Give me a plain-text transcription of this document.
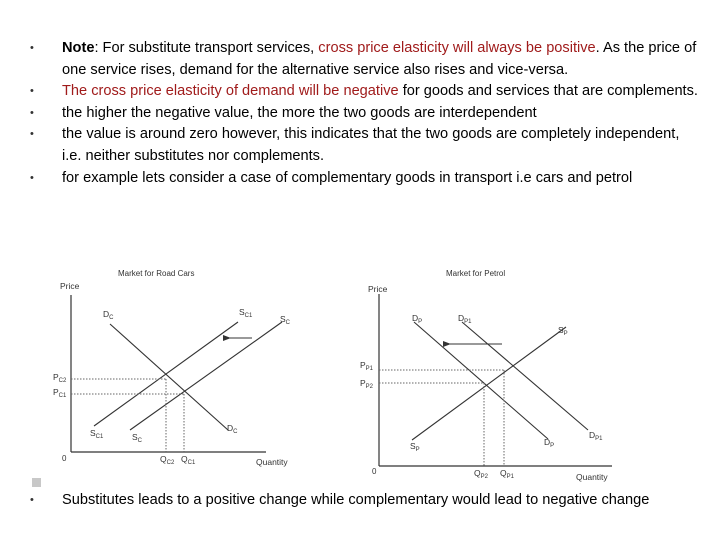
• Note: For substitute transport services, cross price elasticity will always be positive. As the price of one service rises, demand for the alternative service also rises and vice-versa.
• The cross price elasticity of demand will be negative for goods and services that are complements.
• the higher the negative value, the more the two goods are interdependent
• the value is around zero however, this indicates that the two goods are completely independent, i.e. neither substitutes nor complements.
• for example lets consider a case of complementary goods in transport i.e cars and petrol
Market for Road Cars
Price
Quantity
0
$D_C$
$S_{C1}$	$S_C$
$D_C$
$S_{C1}$	$S_C$
$P_{C2}$
$P_{C1}$
$Q_{C2}$ $Q_{C1}$
Market for Petrol
Price
Quantity
0
$D_P$	$D_{P1}$
$S_P$
$P_{P1}$
$P_{P2}$
$S_P$
$D_P$
$D_{P1}$
$Q_{P2}$ $Q_{P1}$
• Substitutes leads to a positive change while complementary would lead to negative change
